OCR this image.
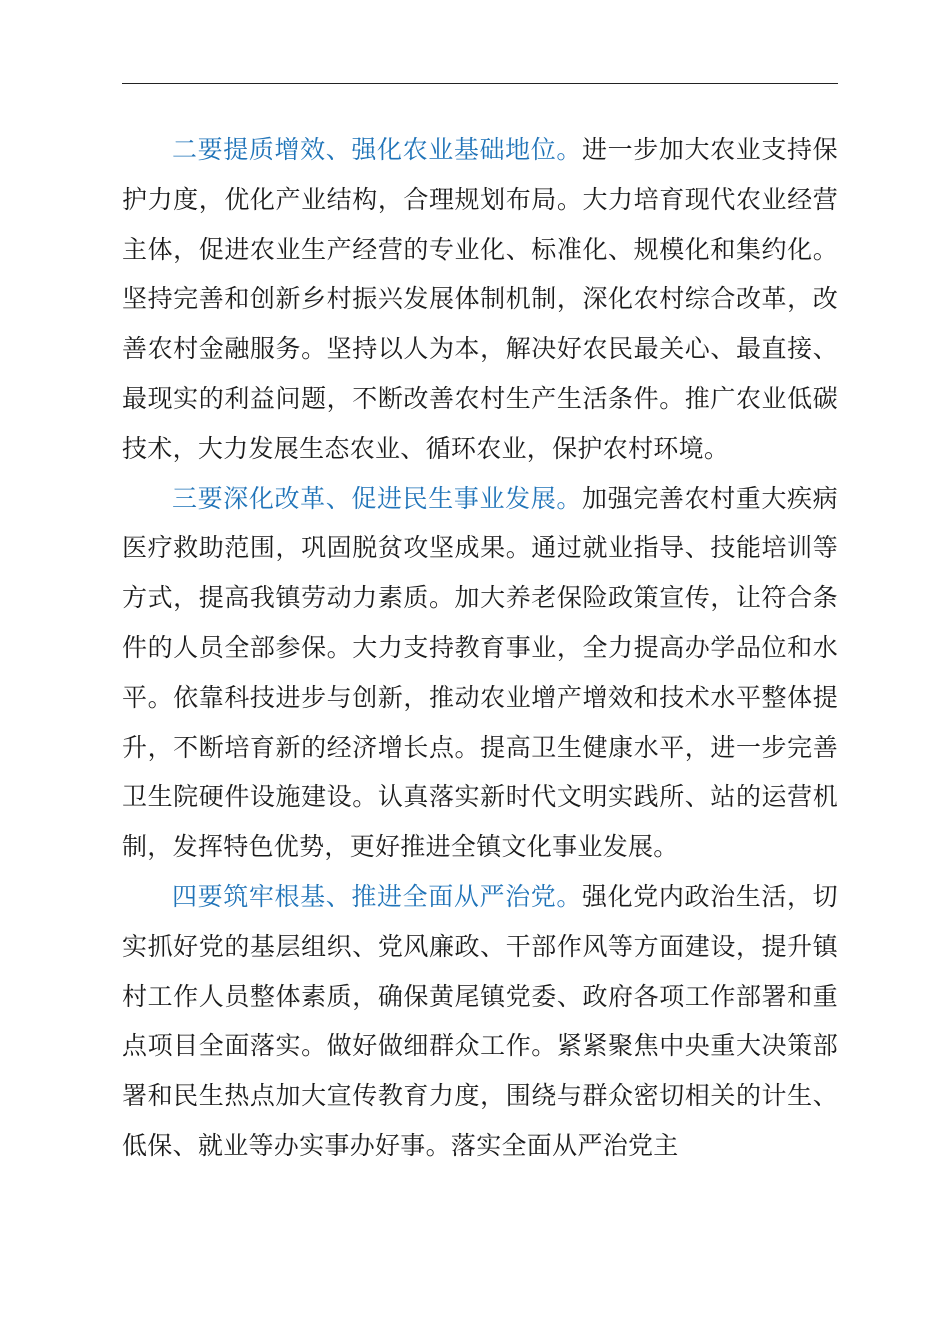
二要提质增效、强化农业基础地位。进一步加大农业支持保护力度，优化产业结构，合理规划布局。大力培育现代农业经营主体，促进农业生产经营的专业化、标准化、规模化和集约化。坚持完善和创新乡村振兴发展体制机制，深化农村综合改革，改善农村金融服务。坚持以人为本，解决好农民最关心、最直接、最现实的利益问题，不断改善农村生产生活条件。推广农业低碳技术，大力发展生态农业、循环农业，保护农村环境。

三要深化改革、促进民生事业发展。加强完善农村重大疾病医疗救助范围，巩固脱贫攻坚成果。通过就业指导、技能培训等方式，提高我镇劳动力素质。加大养老保险政策宣传，让符合条件的人员全部参保。大力支持教育事业，全力提高办学品位和水平。依靠科技进步与创新，推动农业增产增效和技术水平整体提升，不断培育新的经济增长点。提高卫生健康水平，进一步完善卫生院硬件设施建设。认真落实新时代文明实践所、站的运营机制，发挥特色优势，更好推进全镇文化事业发展。

四要筑牢根基、推进全面从严治党。强化党内政治生活，切实抓好党的基层组织、党风廉政、干部作风等方面建设，提升镇村工作人员整体素质，确保黄尾镇党委、政府各项工作部署和重点项目全面落实。做好做细群众工作。紧紧聚焦中央重大决策部署和民生热点加大宣传教育力度，围绕与群众密切相关的计生、低保、就业等办实事办好事。落实全面从严治党主
